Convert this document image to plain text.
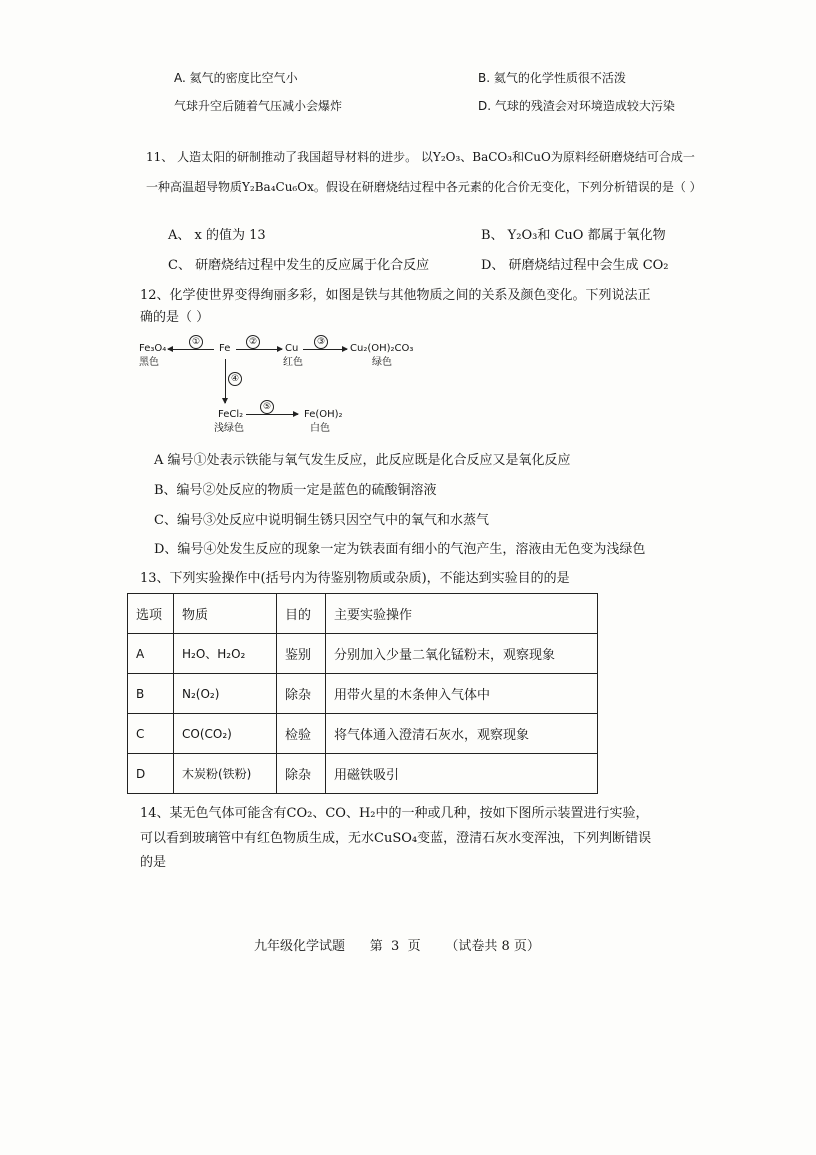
A. 氦气的密度比空气小	B. 氦气的化学性质很不活泼
气球升空后随着气压减小会爆炸	D. 气球的残渣会对环境造成较大污染
11、 人造太阳的研制推动了我国超导材料的进步。 以Y₂O₃、BaCO₃和CuO为原料经研磨烧结可合成一
一种高温超导物质Y₂Ba₄Cu₆Ox。假设在研磨烧结过程中各元素的化合价无变化，下列分析错误的是（ ）
A、 x 的值为 13	B、 Y₂O₃和 CuO 都属于氧化物
C、 研磨烧结过程中发生的反应属于化合反应	D、 研磨烧结过程中会生成 CO₂
12、化学使世界变得绚丽多彩，如图是铁与其他物质之间的关系及颜色变化。下列说法正
确的是（ ）
Fe₃O₄
黑色
①
Fe
②
Cu
红色
③
Cu₂(OH)₂CO₃
绿色
④
FeCl₂
浅绿色
⑤
Fe(OH)₂
白色
A 编号①处表示铁能与氧气发生反应，此反应既是化合反应又是氧化反应
B、编号②处反应的物质一定是蓝色的硫酸铜溶液
C、编号③处反应中说明铜生锈只因空气中的氧气和水蒸气
D、编号④处发生反应的现象一定为铁表面有细小的气泡产生，溶液由无色变为浅绿色
13、下列实验操作中(括号内为待鉴别物质或杂质)，不能达到实验目的的是
选项	物质	目的	主要实验操作
A	H₂O、H₂O₂	鉴别	分别加入少量二氧化锰粉末，观察现象
B	N₂(O₂)	除杂	用带火星的木条伸入气体中
C	CO(CO₂)	检验	将气体通入澄清石灰水，观察现象
D	木炭粉(铁粉)	除杂	用磁铁吸引
14、某无色气体可能含有CO₂、CO、H₂中的一种或几种，按如下图所示装置进行实验，
可以看到玻璃管中有红色物质生成，无水CuSO₄变蓝，澄清石灰水变浑浊，下列判断错误
的是
九年级化学试题      第  3  页      （试卷共 8 页）
